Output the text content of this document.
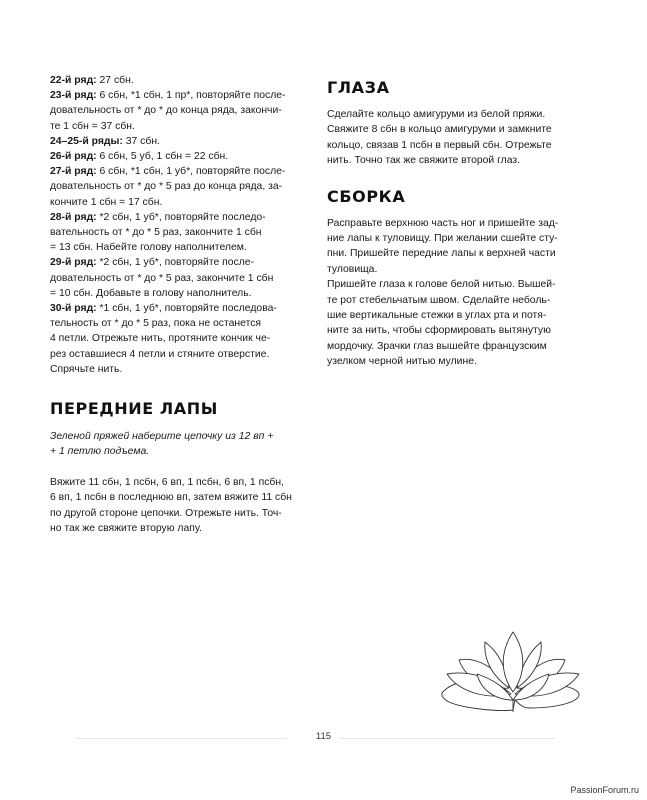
22-й ряд: 27 сбн.

23-й ряд: 6 сбн, *1 сбн, 1 пр*, повторяйте после-

довательность от * до * до конца ряда, закончи-

те 1 сбн = 37 сбн.

24–25-й ряды: 37 сбн.

26-й ряд: 6 сбн, 5 уб, 1 сбн = 22 сбн.

27-й ряд: 6 сбн, *1 сбн, 1 уб*, повторяйте после-

довательность от * до * 5 раз до конца ряда, за-

кончите 1 сбн = 17 сбн.

28-й ряд: *2 сбн, 1 уб*, повторяйте последо-

вательность от * до * 5 раз, закончите 1 сбн

= 13 сбн. Набейте голову наполнителем.

29-й ряд: *2 сбн, 1 уб*, повторяйте после-

довательность от * до * 5 раз, закончите 1 сбн

= 10 сбн. Добавьте в голову наполнитель.

30-й ряд: *1 сбн, 1 уб*, повторяйте последова-

тельность от * до * 5 раз, пока не останется

4 петли. Отрежьте нить, протяните кончик че-

рез оставшиеся 4 петли и стяните отверстие.

Спрячьте нить.

ПЕРЕДНИЕ ЛАПЫ

Зеленой пряжей наберите цепочку из 12 вп +

+ 1 петлю подъема.

Вяжите 11 сбн, 1 псбн, 6 вп, 1 псбн, 6 вп, 1 псбн,

6 вп, 1 псбн в последнюю вп, затем вяжите 11 сбн

по другой стороне цепочки. Отрежьте нить. Точ-

но так же свяжите вторую лапу.

ГЛАЗА

Сделайте кольцо амигуруми из белой пряжи.

Свяжите 8 сбн в кольцо амигуруми и замкните

кольцо, связав 1 псбн в первый сбн. Отрежьте

нить. Точно так же свяжите второй глаз.

СБОРКА

Расправьте верхнюю часть ног и пришейте зад-

ние лапы к туловищу. При желании сшейте сту-

пни. Пришейте передние лапы к верхней части

туловища.

Пришейте глаза к голове белой нитью. Вышей-

те рот стебельчатым швом. Сделайте неболь-

шие вертикальные стежки в углах рта и потя-

ните за нить, чтобы сформировать вытянутую

мордочку. Зрачки глаз вышейте французским

узелком черной нитью мулине.

115
PassionForum.ru
